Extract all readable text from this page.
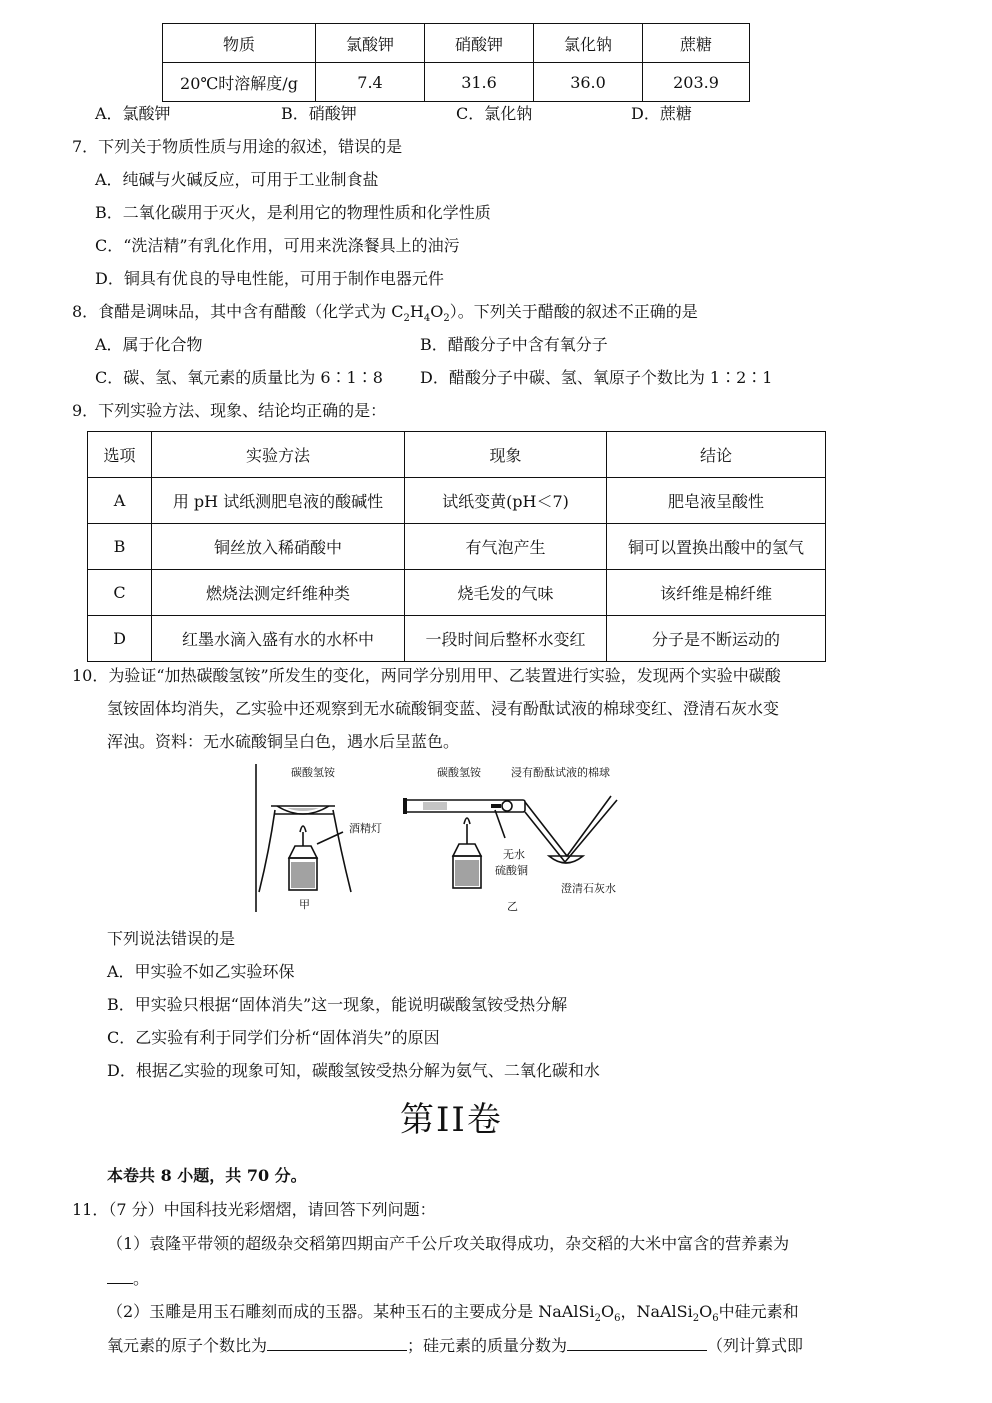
物质	氯酸钾	硝酸钾	氯化钠	蔗糖
20℃时溶解度/g	7.4	31.6	36.0	203.9
A．氯酸钾	B．硝酸钾	C．氯化钠	D．蔗糖
7．下列关于物质性质与用途的叙述，错误的是
A．纯碱与火碱反应，可用于工业制食盐
B．二氧化碳用于灭火，是利用它的物理性质和化学性质
C．“洗洁精”有乳化作用，可用来洗涤餐具上的油污
D．铜具有优良的导电性能，可用于制作电器元件
8．食醋是调味品，其中含有醋酸（化学式为 $C_2H_4O_2$）。下列关于醋酸的叙述不正确的是
A．属于化合物	B．醋酸分子中含有氧分子
C．碳、氢、氧元素的质量比为 6∶1∶8 D．醋酸分子中碳、氢、氧原子个数比为 1∶2∶1
9．下列实验方法、现象、结论均正确的是：
选项	实验方法	现象	结论
A	用 pH 试纸测肥皂液的酸碱性	试纸变黄(pH＜7)	肥皂液呈酸性
B	铜丝放入稀硝酸中	有气泡产生	铜可以置换出酸中的氢气
C	燃烧法测定纤维种类	烧毛发的气味	该纤维是棉纤维
D	红墨水滴入盛有水的水杯中	一段时间后整杯水变红	分子是不断运动的
10．为验证“加热碳酸氢铵”所发生的变化，两同学分别用甲、乙装置进行实验，发现两个实验中碳酸
氢铵固体均消失，乙实验中还观察到无水硫酸铜变蓝、浸有酚酞试液的棉球变红、澄清石灰水变
浑浊。资料：无水硫酸铜呈白色，遇水后呈蓝色。
碳酸氢铵
酒精灯
甲
碳酸氢铵	浸有酚酞试液的棉球
无水
硫酸铜
乙
澄清石灰水
下列说法错误的是
A．甲实验不如乙实验环保
B．甲实验只根据“固体消失”这一现象，能说明碳酸氢铵受热分解
C．乙实验有利于同学们分析“固体消失”的原因
D．根据乙实验的现象可知，碳酸氢铵受热分解为氨气、二氧化碳和水
第II卷
本卷共 8 小题，共 70 分。
11．（7 分）中国科技光彩熠熠，请回答下列问题：
（1）袁隆平带领的超级杂交稻第四期亩产千公斤攻关取得成功，杂交稻的大米中富含的营养素为
。
（2）玉雕是用玉石雕刻而成的玉器。某种玉石的主要成分是 $NaAlSi_2O_6$，$NaAlSi_2O_6$中硅元素和
氧元素的原子个数比为	；硅元素的质量分数为	（列计算式即
